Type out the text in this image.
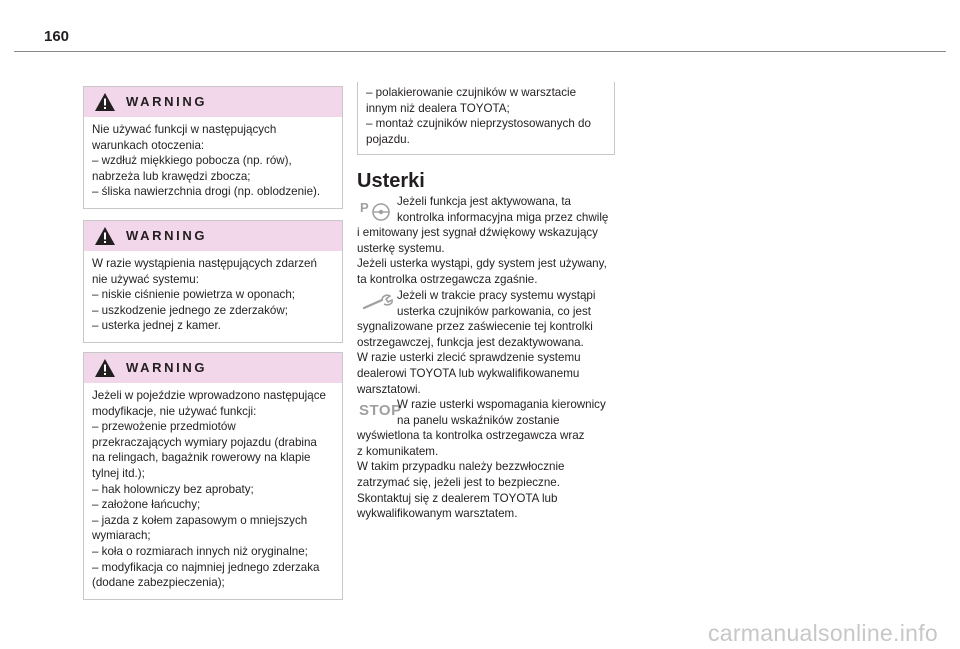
160
WARNING
Nie używać funkcji w następujących
warunkach otoczenia:
– wzdłuż miękkiego pobocza (np. rów),
nabrzeża lub krawędzi zbocza;
– śliska nawierzchnia drogi (np. oblodzenie).
WARNING
W razie wystąpienia następujących zdarzeń
nie używać systemu:
– niskie ciśnienie powietrza w oponach;
– uszkodzenie jednego ze zderzaków;
– usterka jednej z kamer.
WARNING
Jeżeli w pojeździe wprowadzono następujące
modyfikacje, nie używać funkcji:
– przewożenie przedmiotów
przekraczających wymiary pojazdu (drabina
na relingach, bagażnik rowerowy na klapie
tylnej itd.);
– hak holowniczy bez aprobaty;
– założone łańcuchy;
– jazda z kołem zapasowym o mniejszych
wymiarach;
– koła o rozmiarach innych niż oryginalne;
– modyfikacja co najmniej jednego zderzaka
(dodane zabezpieczenia);
– polakierowanie czujników w warsztacie
innym niż dealera TOYOTA;
– montaż czujników nieprzystosowanych do
pojazdu.
Usterki
P	Jeżeli funkcja jest aktywowana, ta
kontrolka informacyjna miga przez chwilę
i emitowany jest sygnał dźwiękowy wskazujący
usterkę systemu.
Jeżeli usterka wystąpi, gdy system jest używany,
ta kontrolka ostrzegawcza zgaśnie.
Jeżeli w trakcie pracy systemu wystąpi
usterka czujników parkowania, co jest
sygnalizowane przez zaświecenie tej kontrolki
ostrzegawczej, funkcja jest dezaktywowana.
W razie usterki zlecić sprawdzenie systemu
dealerowi TOYOTA lub wykwalifikowanemu
warsztatowi.
STOP
W razie usterki wspomagania kierownicy
na panelu wskaźników zostanie
wyświetlona ta kontrolka ostrzegawcza wraz
z komunikatem.
W takim przypadku należy bezzwłocznie
zatrzymać się, jeżeli jest to bezpieczne.
Skontaktuj się z dealerem TOYOTA lub
wykwalifikowanym warsztatem.
carmanualsonline.info
